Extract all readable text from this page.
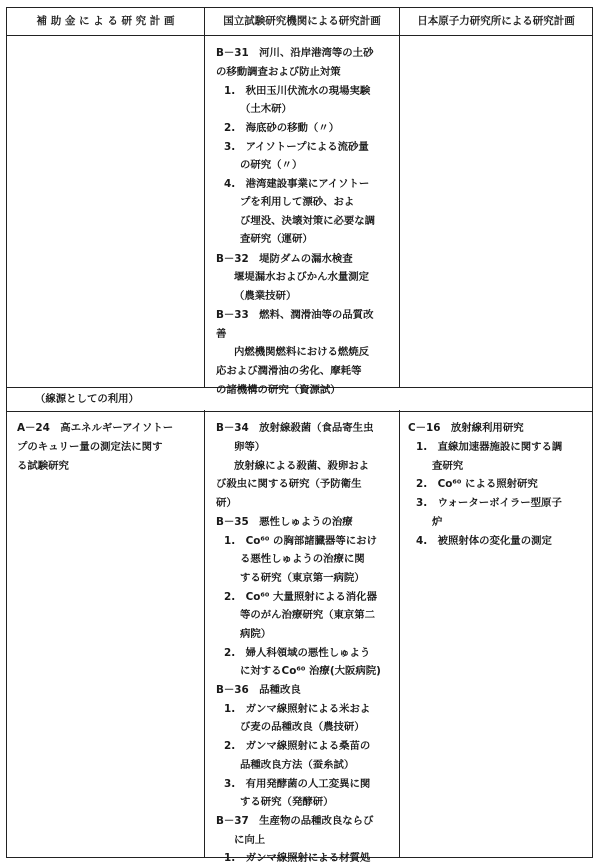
補 助 金 に よ る 研 究 計 画	国立試験研究機関による研究計画	日本原子力研究所による研究計画
（線源としての利用）
B－31　河川、沿岸港湾等の土砂
の移動調査および防止対策
1.　秋田玉川伏流水の現場実験
（土木研）
2.　海底砂の移動（〃）
3.　アイソトープによる流砂量
の研究（〃）
4.　港湾建設事業にアイソトー
プを利用して漂砂、およ
び埋没、決壊対策に必要な調
査研究（運研）
B－32　堤防ダムの漏水検査
堰堤漏水およびかん水量測定
（農業技研）
B－33　燃料、潤滑油等の品質改
善
内燃機関燃料における燃焼反
応および潤滑油の劣化、摩耗等
の諸機構の研究（資源試）
A－24　高エネルギーアイソトー
プのキュリー量の測定法に関す
る試験研究
B－34　放射線殺菌（食品寄生虫
卵等）
放射線による殺菌、殺卵およ
び殺虫に関する研究（予防衛生
研）
B－35　悪性しゅようの治療
1.　Co⁶⁰ の胸部諸臓器等におけ
る悪性しゅようの治療に関
する研究（東京第一病院）
2.　Co⁶⁰ 大量照射による消化器
等のがん治療研究（東京第二
病院）
2.　婦人科領域の悪性しゅよう
に対するCo⁶⁰ 治療(大阪病院)
B－36　品種改良
1.　ガンマ線照射による米およ
び麦の品種改良（農技研）
2.　ガンマ線照射による桑苗の
品種改良方法（蚕糸試）
3.　有用発酵菌の人工変異に関
する研究（発酵研）
B－37　生産物の品種改良ならび
に向上
1.　ガンマ線照射による材質処
C－16　放射線利用研究
1.　直線加速器施設に関する調
査研究
2.　Co⁶⁰ による照射研究
3.　ウォーターボイラー型原子
炉
4.　被照射体の変化量の測定
